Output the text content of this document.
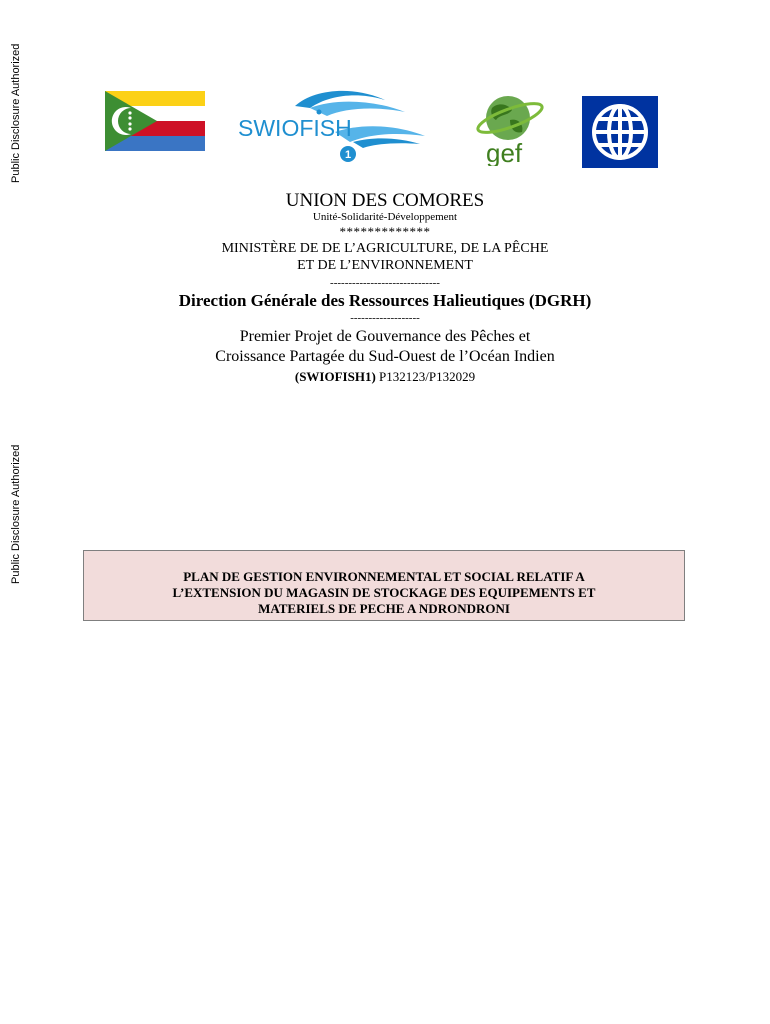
Public Disclosure Authorized
Public Disclosure Authorized
SWIOFISH
1	gef
UNION DES COMORES
Unité-Solidarité-Développement
*************
MINISTÈRE DE DE L’AGRICULTURE, DE LA PÊCHE
ET DE L’ENVIRONNEMENT
------------------------------
Direction Générale des Ressources Halieutiques (DGRH)
-------------------
Premier Projet de Gouvernance des Pêches et
Croissance Partagée du Sud-Ouest de l’Océan Indien
(SWIOFISH1) P132123/P132029
PLAN DE GESTION ENVIRONNEMENTAL ET SOCIAL RELATIF A
L’EXTENSION DU MAGASIN DE STOCKAGE DES EQUIPEMENTS ET
MATERIELS DE PECHE A NDRONDRONI
